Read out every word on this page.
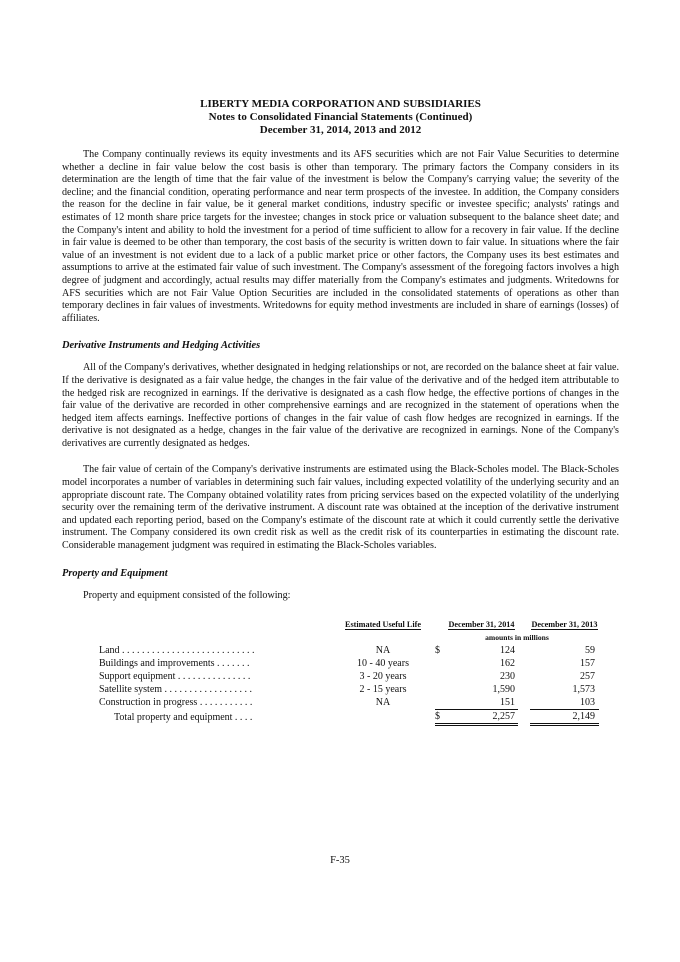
LIBERTY MEDIA CORPORATION AND SUBSIDIARIES
Notes to Consolidated Financial Statements (Continued)
December 31, 2014, 2013 and 2012

The Company continually reviews its equity investments and its AFS securities which are not Fair Value Securities to determine whether a decline in fair value below the cost basis is other than temporary. The primary factors the Company considers in its determination are the length of time that the fair value of the investment is below the Company's carrying value; the severity of the decline; and the financial condition, operating performance and near term prospects of the investee. In addition, the Company considers the reason for the decline in fair value, be it general market conditions, industry specific or investee specific; analysts' ratings and estimates of 12 month share price targets for the investee; changes in stock price or valuation subsequent to the balance sheet date; and the Company's intent and ability to hold the investment for a period of time sufficient to allow for a recovery in fair value. If the decline in fair value is deemed to be other than temporary, the cost basis of the security is written down to fair value. In situations where the fair value of an investment is not evident due to a lack of a public market price or other factors, the Company uses its best estimates and assumptions to arrive at the estimated fair value of such investment. The Company's assessment of the foregoing factors involves a high degree of judgment and accordingly, actual results may differ materially from the Company's estimates and judgments. Writedowns for AFS securities which are not Fair Value Option Securities are included in the consolidated statements of operations as other than temporary declines in fair values of investments. Writedowns for equity method investments are included in share of earnings (losses) of affiliates.

Derivative Instruments and Hedging Activities

All of the Company's derivatives, whether designated in hedging relationships or not, are recorded on the balance sheet at fair value. If the derivative is designated as a fair value hedge, the changes in the fair value of the derivative and of the hedged item attributable to the hedged risk are recognized in earnings. If the derivative is designated as a cash flow hedge, the effective portions of changes in the fair value of the derivative are recorded in other comprehensive earnings and are recognized in the statement of operations when the hedged item affects earnings. Ineffective portions of changes in the fair value of cash flow hedges are recognized in earnings. If the derivative is not designated as a hedge, changes in the fair value of the derivative are recognized in earnings. None of the Company's derivatives are currently designated as hedges.

The fair value of certain of the Company's derivative instruments are estimated using the Black-Scholes model. The Black-Scholes model incorporates a number of variables in determining such fair values, including expected volatility of the underlying security and an appropriate discount rate. The Company obtained volatility rates from pricing services based on the expected volatility of the underlying security over the remaining term of the derivative instrument. A discount rate was obtained at the inception of the derivative instrument and updated each reporting period, based on the Company's estimate of the discount rate at which it could currently settle the derivative instrument. The Company considered its own credit risk as well as the credit risk of its counterparties in estimating the discount rate. Considerable management judgment was required in estimating the Black-Scholes variables.

Property and Equipment

Property and equipment consisted of the following:

	Estimated Useful Life		December 31, 2014		December 31, 2013
		amounts in millions			
Land . . . . . . . . . . . . . . . . . . . . . . . . . . .	NA	$	124		59
Buildings and improvements . . . . . . .	10 - 40 years		162		157
Support equipment . . . . . . . . . . . . . . .	3 - 20 years		230		257
Satellite system . . . . . . . . . . . . . . . . . .	2 - 15 years		1,590		1,573
Construction in progress . . . . . . . . . . .	NA		151		103
Total property and equipment . . . .		$	2,257		2,149
F-35
